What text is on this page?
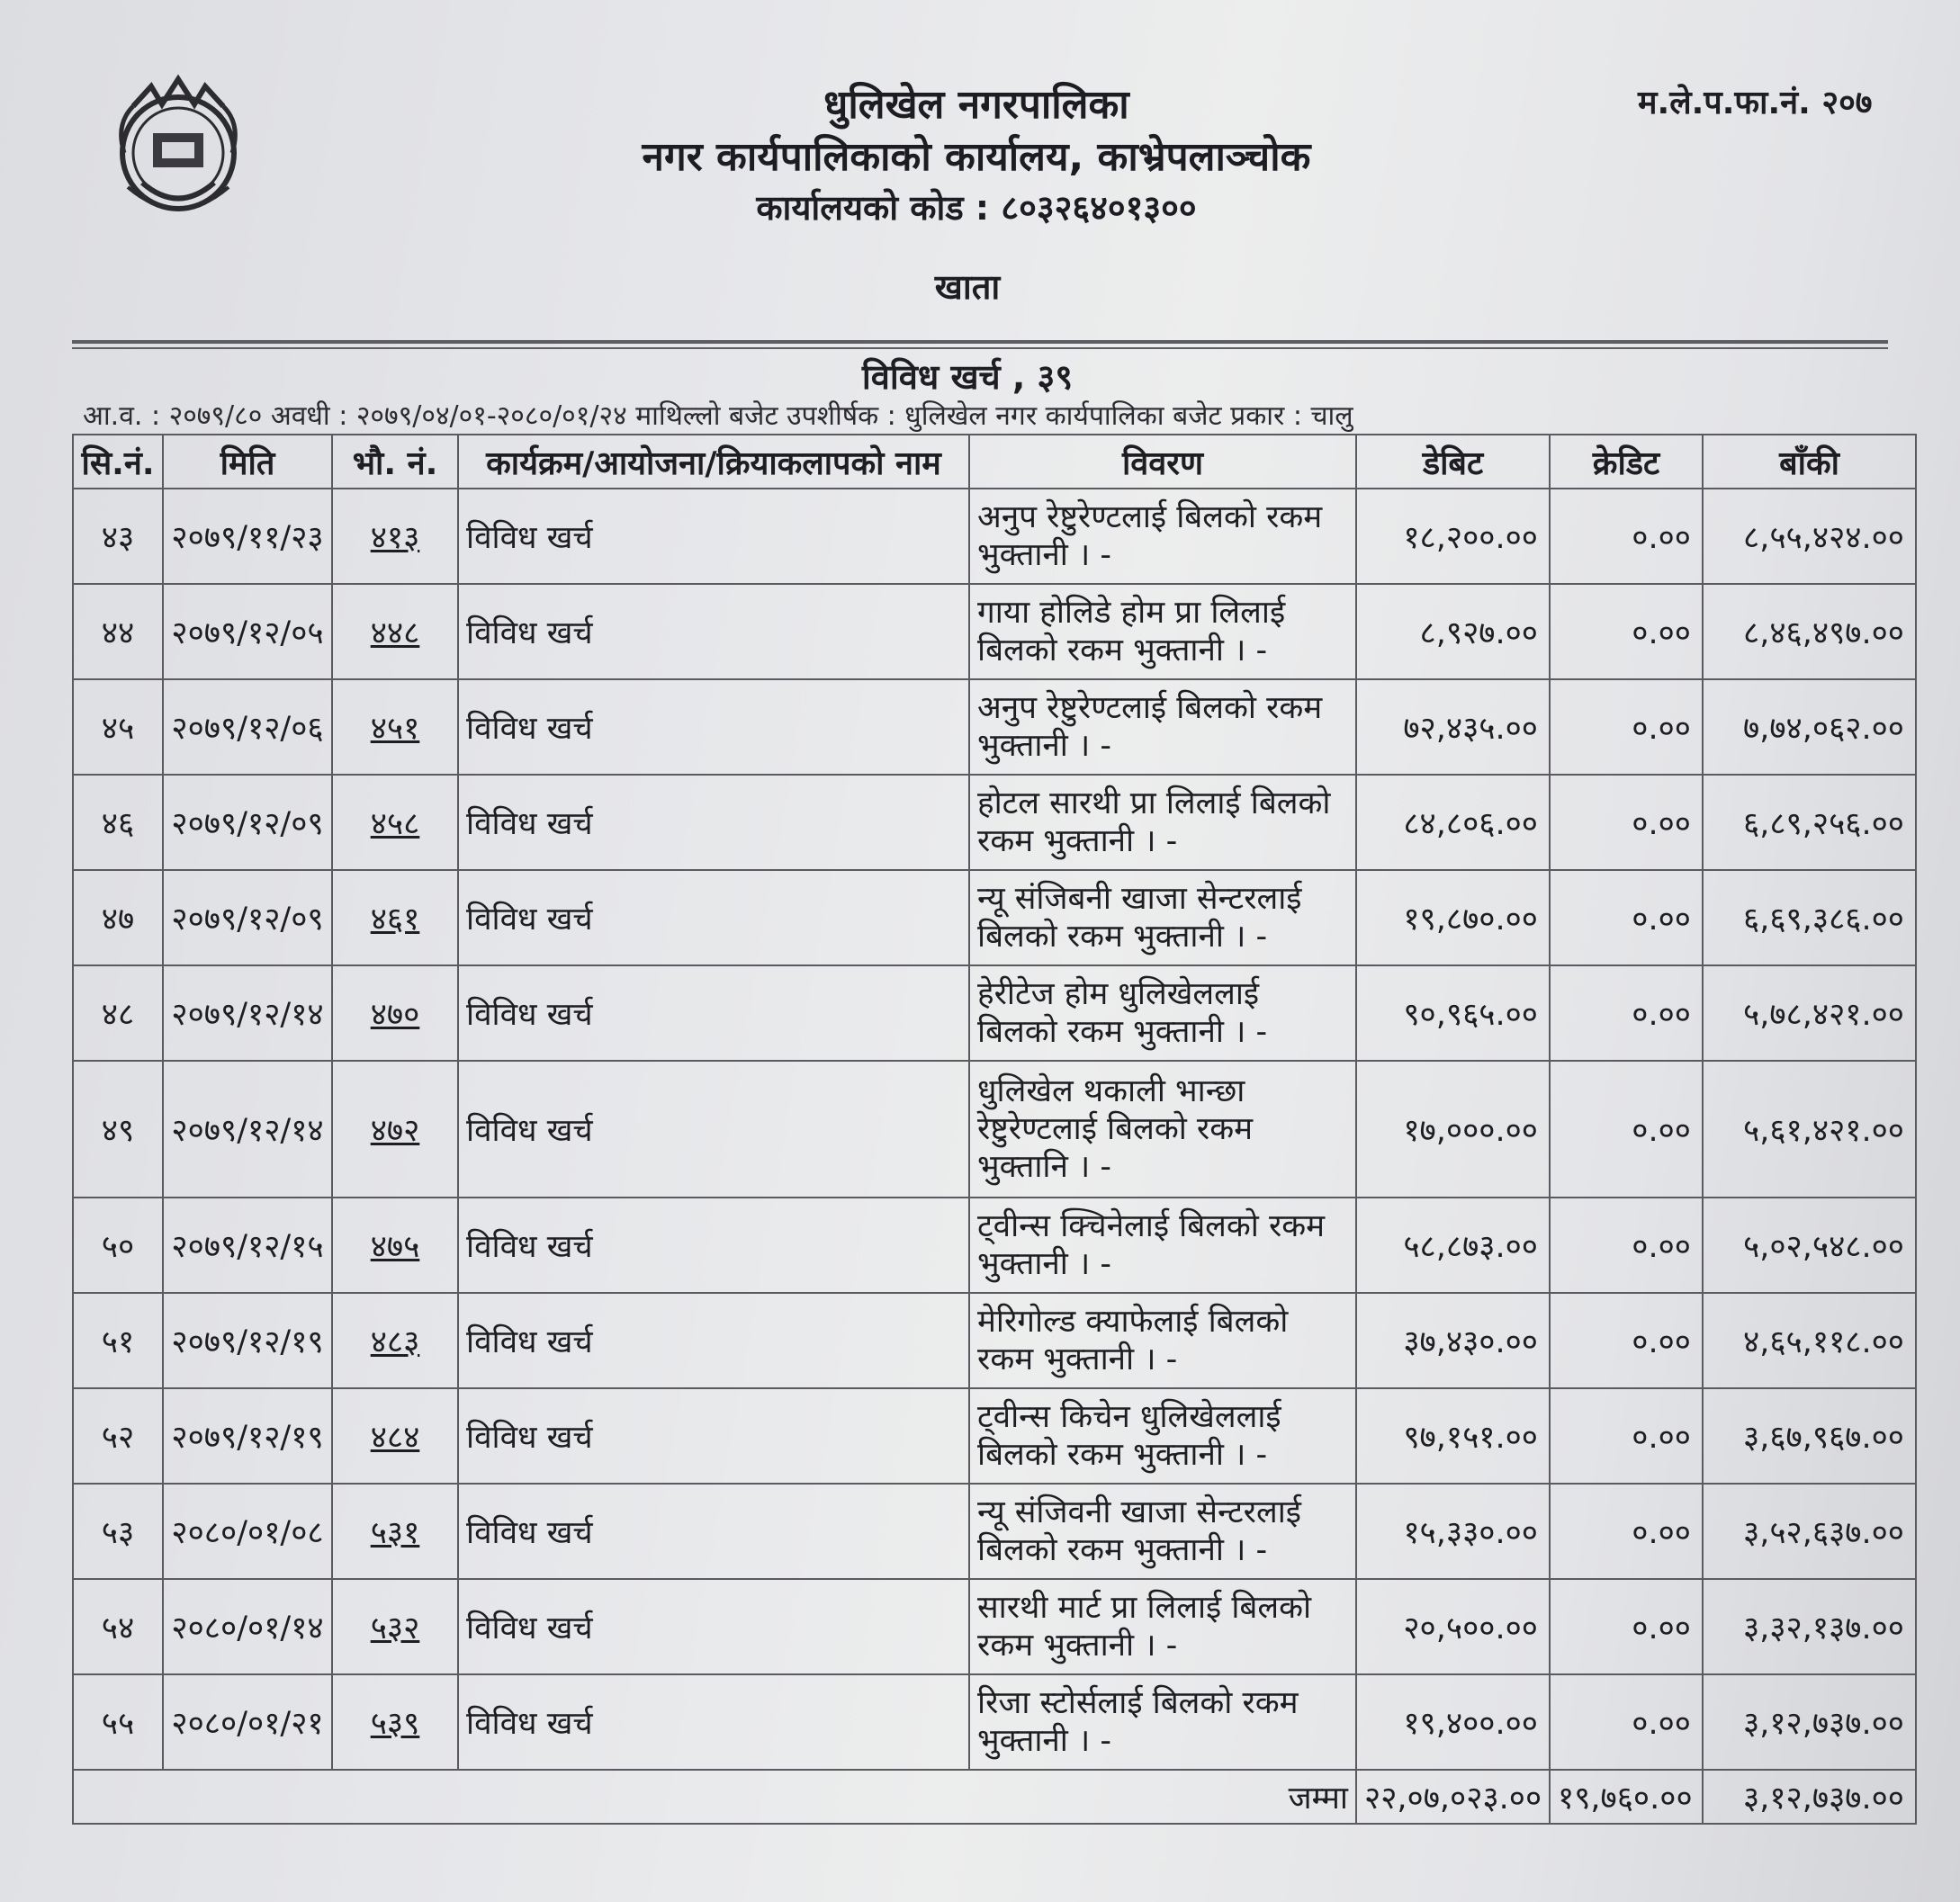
धुलिखेल नगरपालिका
नगर कार्यपालिकाको कार्यालय, काभ्रेपलाञ्चोक
कार्यालयको कोड : ८०३२६४०१३००
म.ले.प.फा.नं. २०७
खाता
विविध खर्च , ३९
आ.व. : २०७९/८० अवधी : २०७९/०४/०१-२०८०/०१/२४ माथिल्लो बजेट उपशीर्षक : धुलिखेल नगर कार्यपालिका बजेट प्रकार : चालु
सि.नं.	मिति	भौ. नं.	कार्यक्रम/आयोजना/क्रियाकलापको नाम	विवरण	डेबिट	क्रेडिट	बाँकी
४३	२०७९/११/२३	४१३	विविध खर्च	अनुप रेष्टुरेण्टलाई बिलको रकम
भुक्तानी । -	१८,२००.००	०.००	८,५५,४२४.००
४४	२०७९/१२/०५	४४८	विविध खर्च	गाया होलिडे होम प्रा लिलाई
बिलको रकम भुक्तानी । -	८,९२७.००	०.००	८,४६,४९७.००
४५	२०७९/१२/०६	४५१	विविध खर्च	अनुप रेष्टुरेण्टलाई बिलको रकम
भुक्तानी । -	७२,४३५.००	०.००	७,७४,०६२.००
४६	२०७९/१२/०९	४५८	विविध खर्च	होटल सारथी प्रा लिलाई बिलको
रकम भुक्तानी । -	८४,८०६.००	०.००	६,८९,२५६.००
४७	२०७९/१२/०९	४६१	विविध खर्च	न्यू संजिबनी खाजा सेन्टरलाई
बिलको रकम भुक्तानी । -	१९,८७०.००	०.००	६,६९,३८६.००
४८	२०७९/१२/१४	४७०	विविध खर्च	हेरीटेज होम धुलिखेललाई
बिलको रकम भुक्तानी । -	९०,९६५.००	०.००	५,७८,४२१.००
४९	२०७९/१२/१४	४७२	विविध खर्च	धुलिखेल थकाली भान्छा
रेष्टुरेण्टलाई बिलको रकम
भुक्तानि । -	१७,०००.००	०.००	५,६१,४२१.००
५०	२०७९/१२/१५	४७५	विविध खर्च	ट्वीन्स क्चिनेलाई बिलको रकम
भुक्तानी । -	५८,८७३.००	०.००	५,०२,५४८.००
५१	२०७९/१२/१९	४८३	विविध खर्च	मेरिगोल्ड क्याफेलाई बिलको
रकम भुक्तानी । -	३७,४३०.००	०.००	४,६५,११८.००
५२	२०७९/१२/१९	४८४	विविध खर्च	ट्वीन्स किचेन धुलिखेललाई
बिलको रकम भुक्तानी । -	९७,१५१.००	०.००	३,६७,९६७.००
५३	२०८०/०१/०८	५३१	विविध खर्च	न्यू संजिवनी खाजा सेन्टरलाई
बिलको रकम भुक्तानी । -	१५,३३०.००	०.००	३,५२,६३७.००
५४	२०८०/०१/१४	५३२	विविध खर्च	सारथी मार्ट प्रा लिलाई बिलको
रकम भुक्तानी । -	२०,५००.००	०.००	३,३२,१३७.००
५५	२०८०/०१/२१	५३९	विविध खर्च	रिजा स्टोर्सलाई बिलको रकम
भुक्तानी । -	१९,४००.००	०.००	३,१२,७३७.००
जम्मा					२२,०७,०२३.००	१९,७६०.००	३,१२,७३७.००
